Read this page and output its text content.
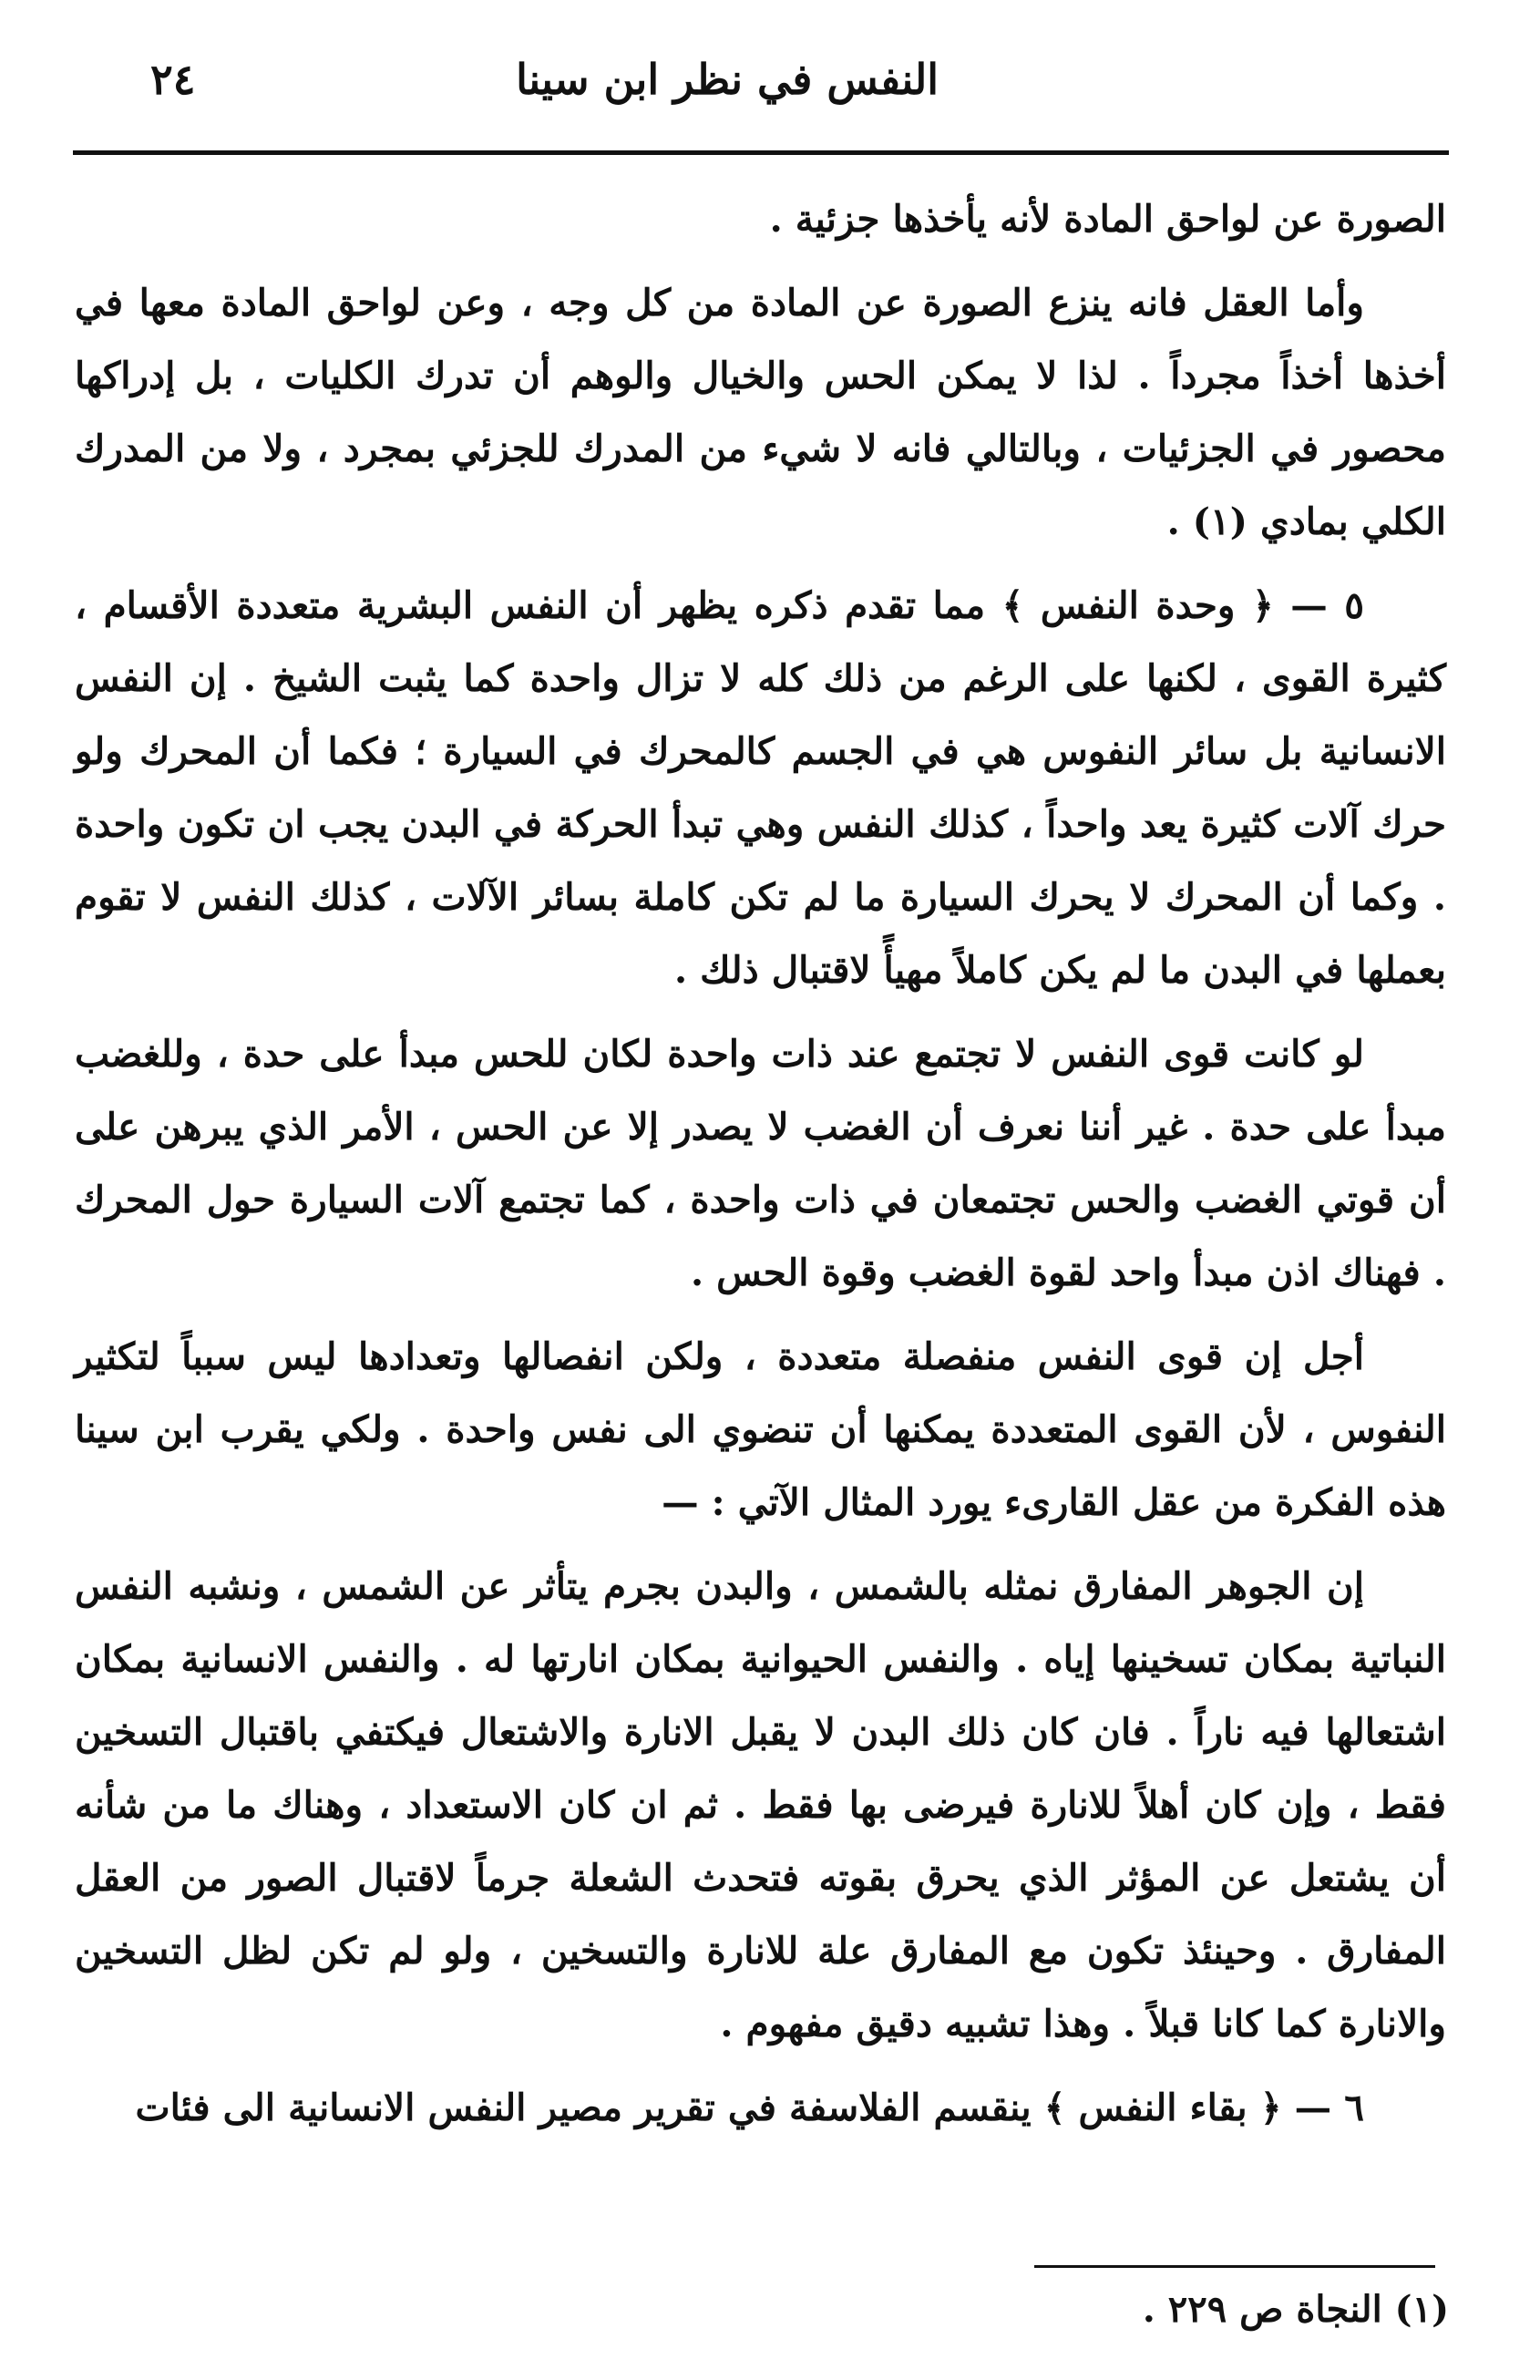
النفس في نظر ابن سينا
٢٤

الصورة عن لواحق المادة لأنه يأخذها جزئية .

وأما العقل فانه ينزع الصورة عن المادة من كل وجه ، وعن لواحق المادة معها في أخذها أخذاً مجرداً . لذا لا يمكن الحس والخيال والوهم أن تدرك الكليات ، بل إدراكها محصور في الجزئيات ، وبالتالي فانه لا شيء من المدرك للجزئي بمجرد ، ولا من المدرك الكلي بمادي (١) .

٥ — ﴿ وحدة النفس ﴾ مما تقدم ذكره يظهر أن النفس البشرية متعددة الأقسام ، كثيرة القوى ، لكنها على الرغم من ذلك كله لا تزال واحدة كما يثبت الشيخ . إن النفس الانسانية بل سائر النفوس هي في الجسم كالمحرك في السيارة ؛ فكما أن المحرك ولو حرك آلات كثيرة يعد واحداً ، كذلك النفس وهي تبدأ الحركة في البدن يجب ان تكون واحدة . وكما أن المحرك لا يحرك السيارة ما لم تكن كاملة بسائر الآلات ، كذلك النفس لا تقوم بعملها في البدن ما لم يكن كاملاً مهيأً لاقتبال ذلك .

لو كانت قوى النفس لا تجتمع عند ذات واحدة لكان للحس مبدأ على حدة ، وللغضب مبدأ على حدة . غير أننا نعرف أن الغضب لا يصدر إلا عن الحس ، الأمر الذي يبرهن على أن قوتي الغضب والحس تجتمعان في ذات واحدة ، كما تجتمع آلات السيارة حول المحرك . فهناك اذن مبدأ واحد لقوة الغضب وقوة الحس .

أجل إن قوى النفس منفصلة متعددة ، ولكن انفصالها وتعدادها ليس سبباً لتكثير النفوس ، لأن القوى المتعددة يمكنها أن تنضوي الى نفس واحدة . ولكي يقرب ابن سينا هذه الفكرة من عقل القارىء يورد المثال الآتي : —

إن الجوهر المفارق نمثله بالشمس ، والبدن بجرم يتأثر عن الشمس ، ونشبه النفس النباتية بمكان تسخينها إياه . والنفس الحيوانية بمكان انارتها له . والنفس الانسانية بمكان اشتعالها فيه ناراً . فان كان ذلك البدن لا يقبل الانارة والاشتعال فيكتفي باقتبال التسخين فقط ، وإن كان أهلاً للانارة فيرضى بها فقط . ثم ان كان الاستعداد ، وهناك ما من شأنه أن يشتعل عن المؤثر الذي يحرق بقوته فتحدث الشعلة جرماً لاقتبال الصور من العقل المفارق . وحينئذ تكون مع المفارق علة للانارة والتسخين ، ولو لم تكن لظل التسخين والانارة كما كانا قبلاً . وهذا تشبيه دقيق مفهوم .

٦ — ﴿ بقاء النفس ﴾ ينقسم الفلاسفة في تقرير مصير النفس الانسانية الى فئات

(١) النجاة ص ٢٢٩ .
